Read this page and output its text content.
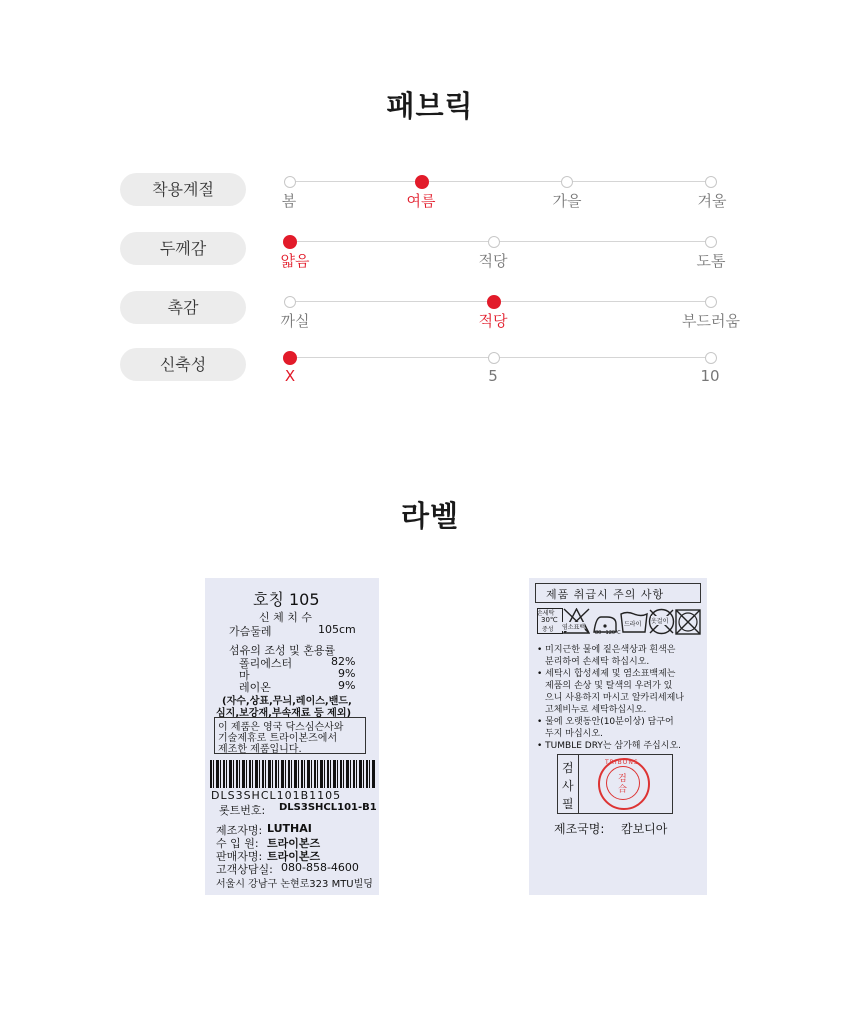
패브릭
착용계절
봄	여름	가을	겨울
두께감
얇음	적당	도톰
촉감
까실	적당	부드러움
신축성
X	5	10
라벨
호칭 105
신 체 치 수
가슴둘레	105cm
섬유의 조성 및 혼용률
폴리에스터	82%
마	9%
레이온	9%
(자수,상표,무늬,레이스,밴드,
심지,보강재,부속재료 등 제외)
이 제품은 영국 닥스심슨사와
기술제휴로 트라이본즈에서
제조한 제품입니다.
DLS3SHCL101B1105
롯트번호: DLS3SHCL101-B1
제조자명: LUTHAI
수 입 원: 트라이본즈
판매자명: 트라이본즈
고객상담실: 080-858-4600
서울시 강남구 논현로323 MTU빌딩
제품 취급시 주의 사항
손세탁
30℃
중성 염소표백
80~120℃
드라이 옷걸이
• 미지근한 물에 짙은색상과 흰색은
분리하여 손세탁 하십시오.
• 세탁시 합성세제 및 염소표백제는
제품의 손상 및 탈색의 우려가 있
으니 사용하지 마시고 알카리세제나
고체비누로 세탁하십시오.
• 물에 오랫동안(10분이상) 담구어
두지 마십시오.
• TUMBLE DRY는 삼가해 주십시오.
검
사
필
TRIBONS
검
合
제조국명: 캄보디아
